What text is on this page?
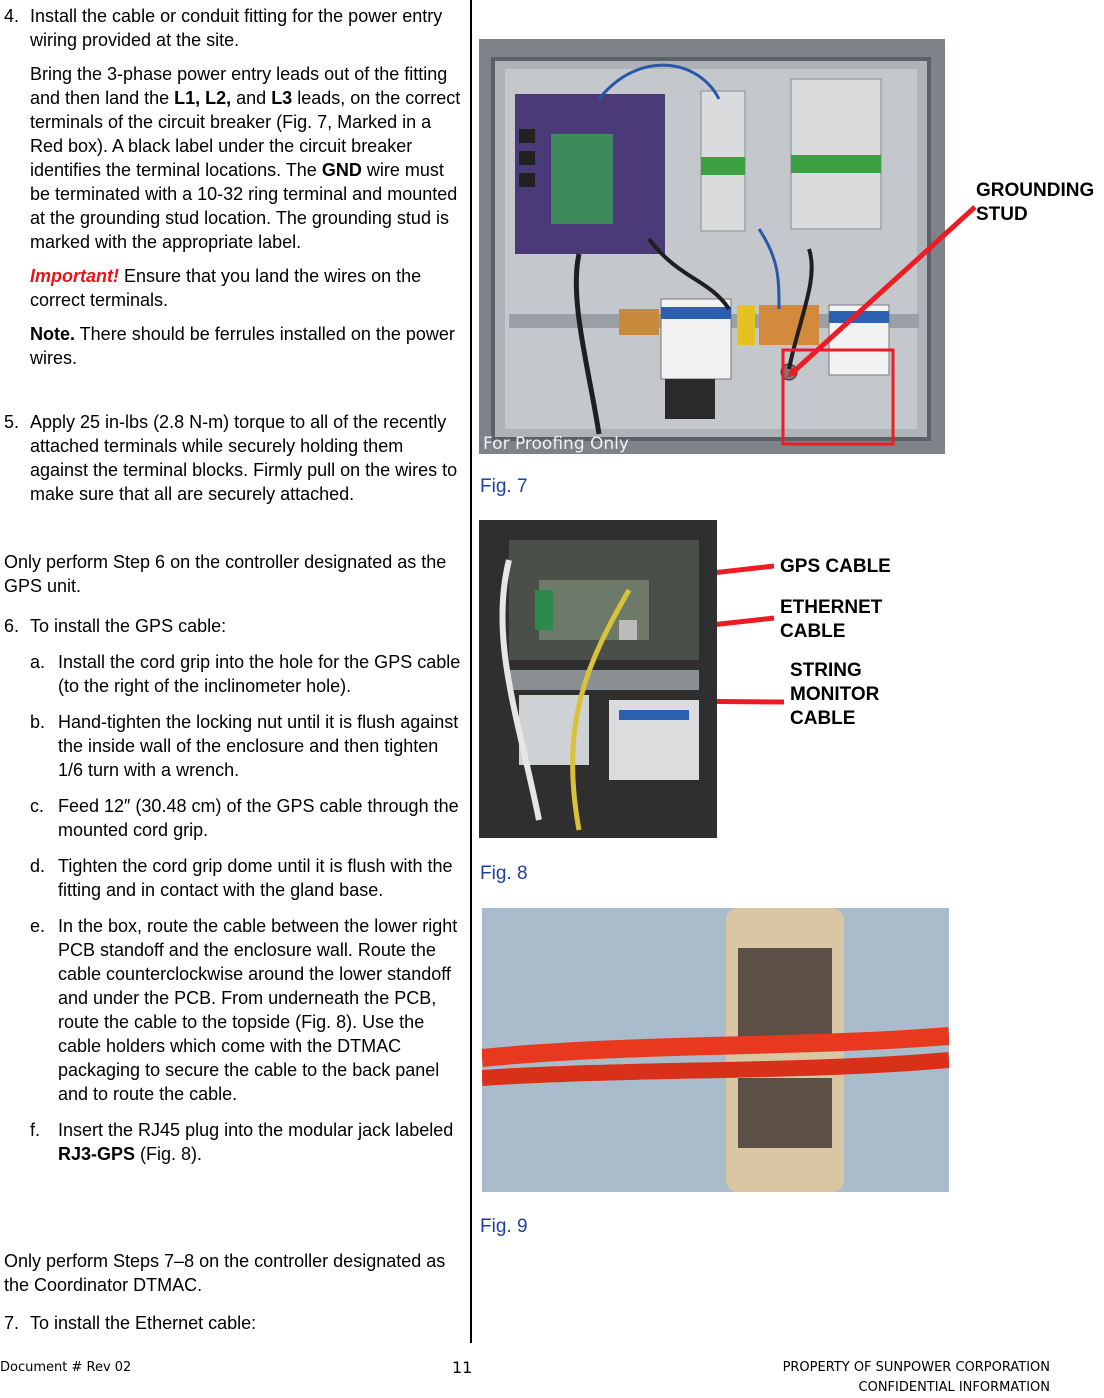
4. Install the cable or conduit fitting for the power entry wiring provided at the site.

Bring the 3-phase power entry leads out of the fitting and then land the L1, L2, and L3 leads, on the correct terminals of the circuit breaker (Fig. 7, Marked in a Red box). A black label under the circuit breaker identifies the terminal locations. The GND wire must be terminated with a 10-32 ring terminal and mounted at the grounding stud location. The grounding stud is marked with the appropriate label.

Important! Ensure that you land the wires on the correct terminals.

Note. There should be ferrules installed on the power wires.

5. Apply 25 in-lbs (2.8 N-m) torque to all of the recently attached terminals while securely holding them against the terminal blocks. Firmly pull on the wires to make sure that all are securely attached.

Only perform Step 6 on the controller designated as the GPS unit.

6. To install the GPS cable:

a. Install the cord grip into the hole for the GPS cable (to the right of the inclinometer hole).

b. Hand-tighten the locking nut until it is flush against the inside wall of the enclosure and then tighten 1/6 turn with a wrench.

c. Feed 12″ (30.48 cm) of the GPS cable through the mounted cord grip.

d. Tighten the cord grip dome until it is flush with the fitting and in contact with the gland base.

e. In the box, route the cable between the lower right PCB standoff and the enclosure wall. Route the cable counterclockwise around the lower standoff and under the PCB. From underneath the PCB, route the cable to the topside (Fig. 8). Use the cable holders which come with the DTMAC packaging to secure the cable to the back panel and to route the cable.

f. Insert the RJ45 plug into the modular jack labeled RJ3-GPS (Fig. 8).

Only perform Steps 7–8 on the controller designated as the Coordinator DTMAC.

7. To install the Ethernet cable:

For Proofing Only
GROUNDING
STUD
Fig. 7
GPS CABLE
ETHERNET
CABLE
STRING
MONITOR
CABLE
Fig. 8
Fig. 9
Document # Rev 02	11	PROPERTY OF SUNPOWER CORPORATION
CONFIDENTIAL INFORMATION
